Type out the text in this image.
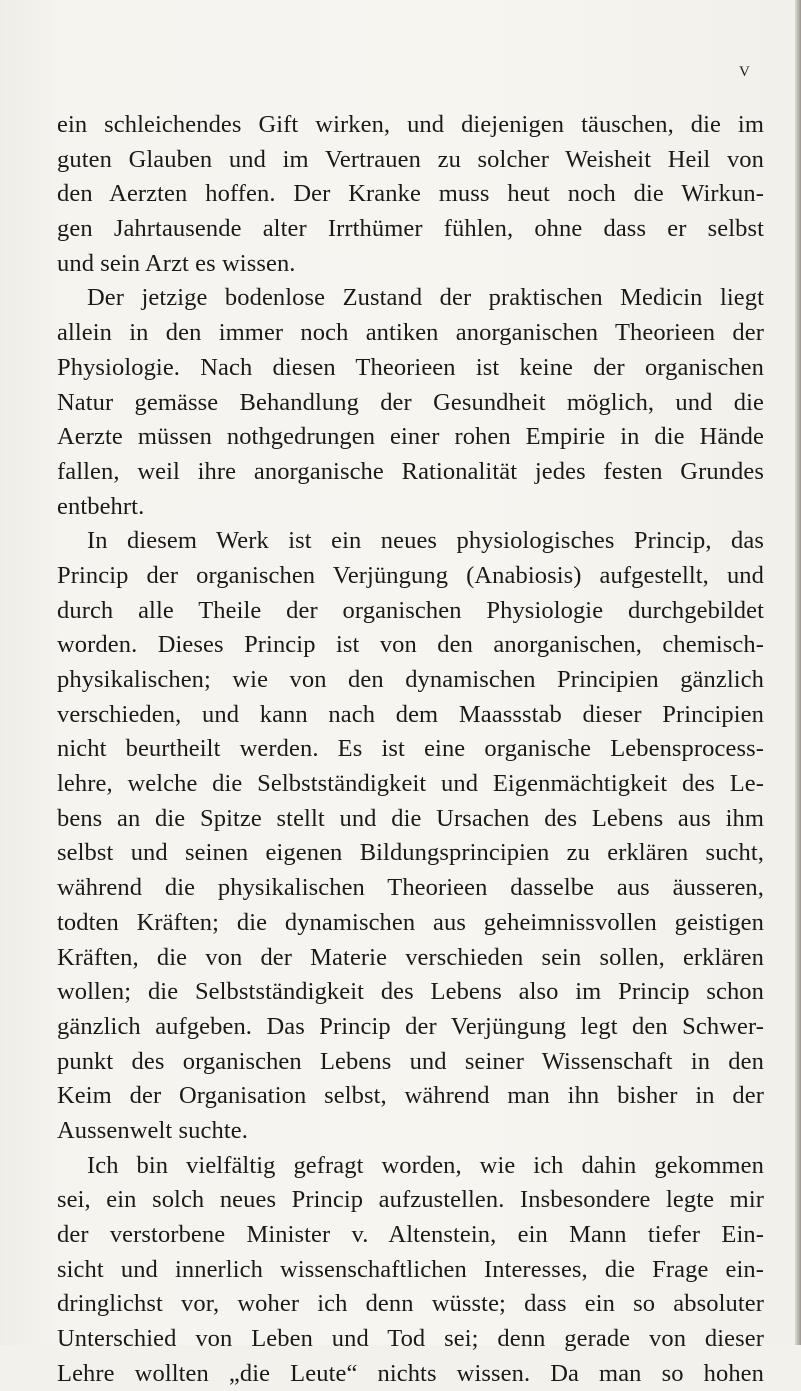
V
ein schleichendes Gift wirken, und diejenigen täuschen, die im
guten Glauben und im Vertrauen zu solcher Weisheit Heil von
den Aerzten hoffen. Der Kranke muss heut noch die Wirkun-
gen Jahrtausende alter Irrthümer fühlen, ohne dass er selbst
und sein Arzt es wissen.
Der jetzige bodenlose Zustand der praktischen Medicin liegt
allein in den immer noch antiken anorganischen Theorieen der
Physiologie. Nach diesen Theorieen ist keine der organischen
Natur gemässe Behandlung der Gesundheit möglich, und die
Aerzte müssen nothgedrungen einer rohen Empirie in die Hände
fallen, weil ihre anorganische Rationalität jedes festen Grundes
entbehrt.
In diesem Werk ist ein neues physiologisches Princip, das
Princip der organischen Verjüngung (Anabiosis) aufgestellt, und
durch alle Theile der organischen Physiologie durchgebildet
worden. Dieses Princip ist von den anorganischen, chemisch-
physikalischen; wie von den dynamischen Principien gänzlich
verschieden, und kann nach dem Maassstab dieser Principien
nicht beurtheilt werden. Es ist eine organische Lebensprocess-
lehre, welche die Selbstständigkeit und Eigenmächtigkeit des Le-
bens an die Spitze stellt und die Ursachen des Lebens aus ihm
selbst und seinen eigenen Bildungsprincipien zu erklären sucht,
während die physikalischen Theorieen dasselbe aus äusseren,
todten Kräften; die dynamischen aus geheimnissvollen geistigen
Kräften, die von der Materie verschieden sein sollen, erklären
wollen; die Selbstständigkeit des Lebens also im Princip schon
gänzlich aufgeben. Das Princip der Verjüngung legt den Schwer-
punkt des organischen Lebens und seiner Wissenschaft in den
Keim der Organisation selbst, während man ihn bisher in der
Aussenwelt suchte.
Ich bin vielfältig gefragt worden, wie ich dahin gekommen
sei, ein solch neues Princip aufzustellen. Insbesondere legte mir
der verstorbene Minister v. Altenstein, ein Mann tiefer Ein-
sicht und innerlich wissenschaftlichen Interesses, die Frage ein-
dringlichst vor, woher ich denn wüsste; dass ein so absoluter
Unterschied von Leben und Tod sei; denn gerade von dieser
Lehre wollten „die Leute“ nichts wissen. Da man so hohen
